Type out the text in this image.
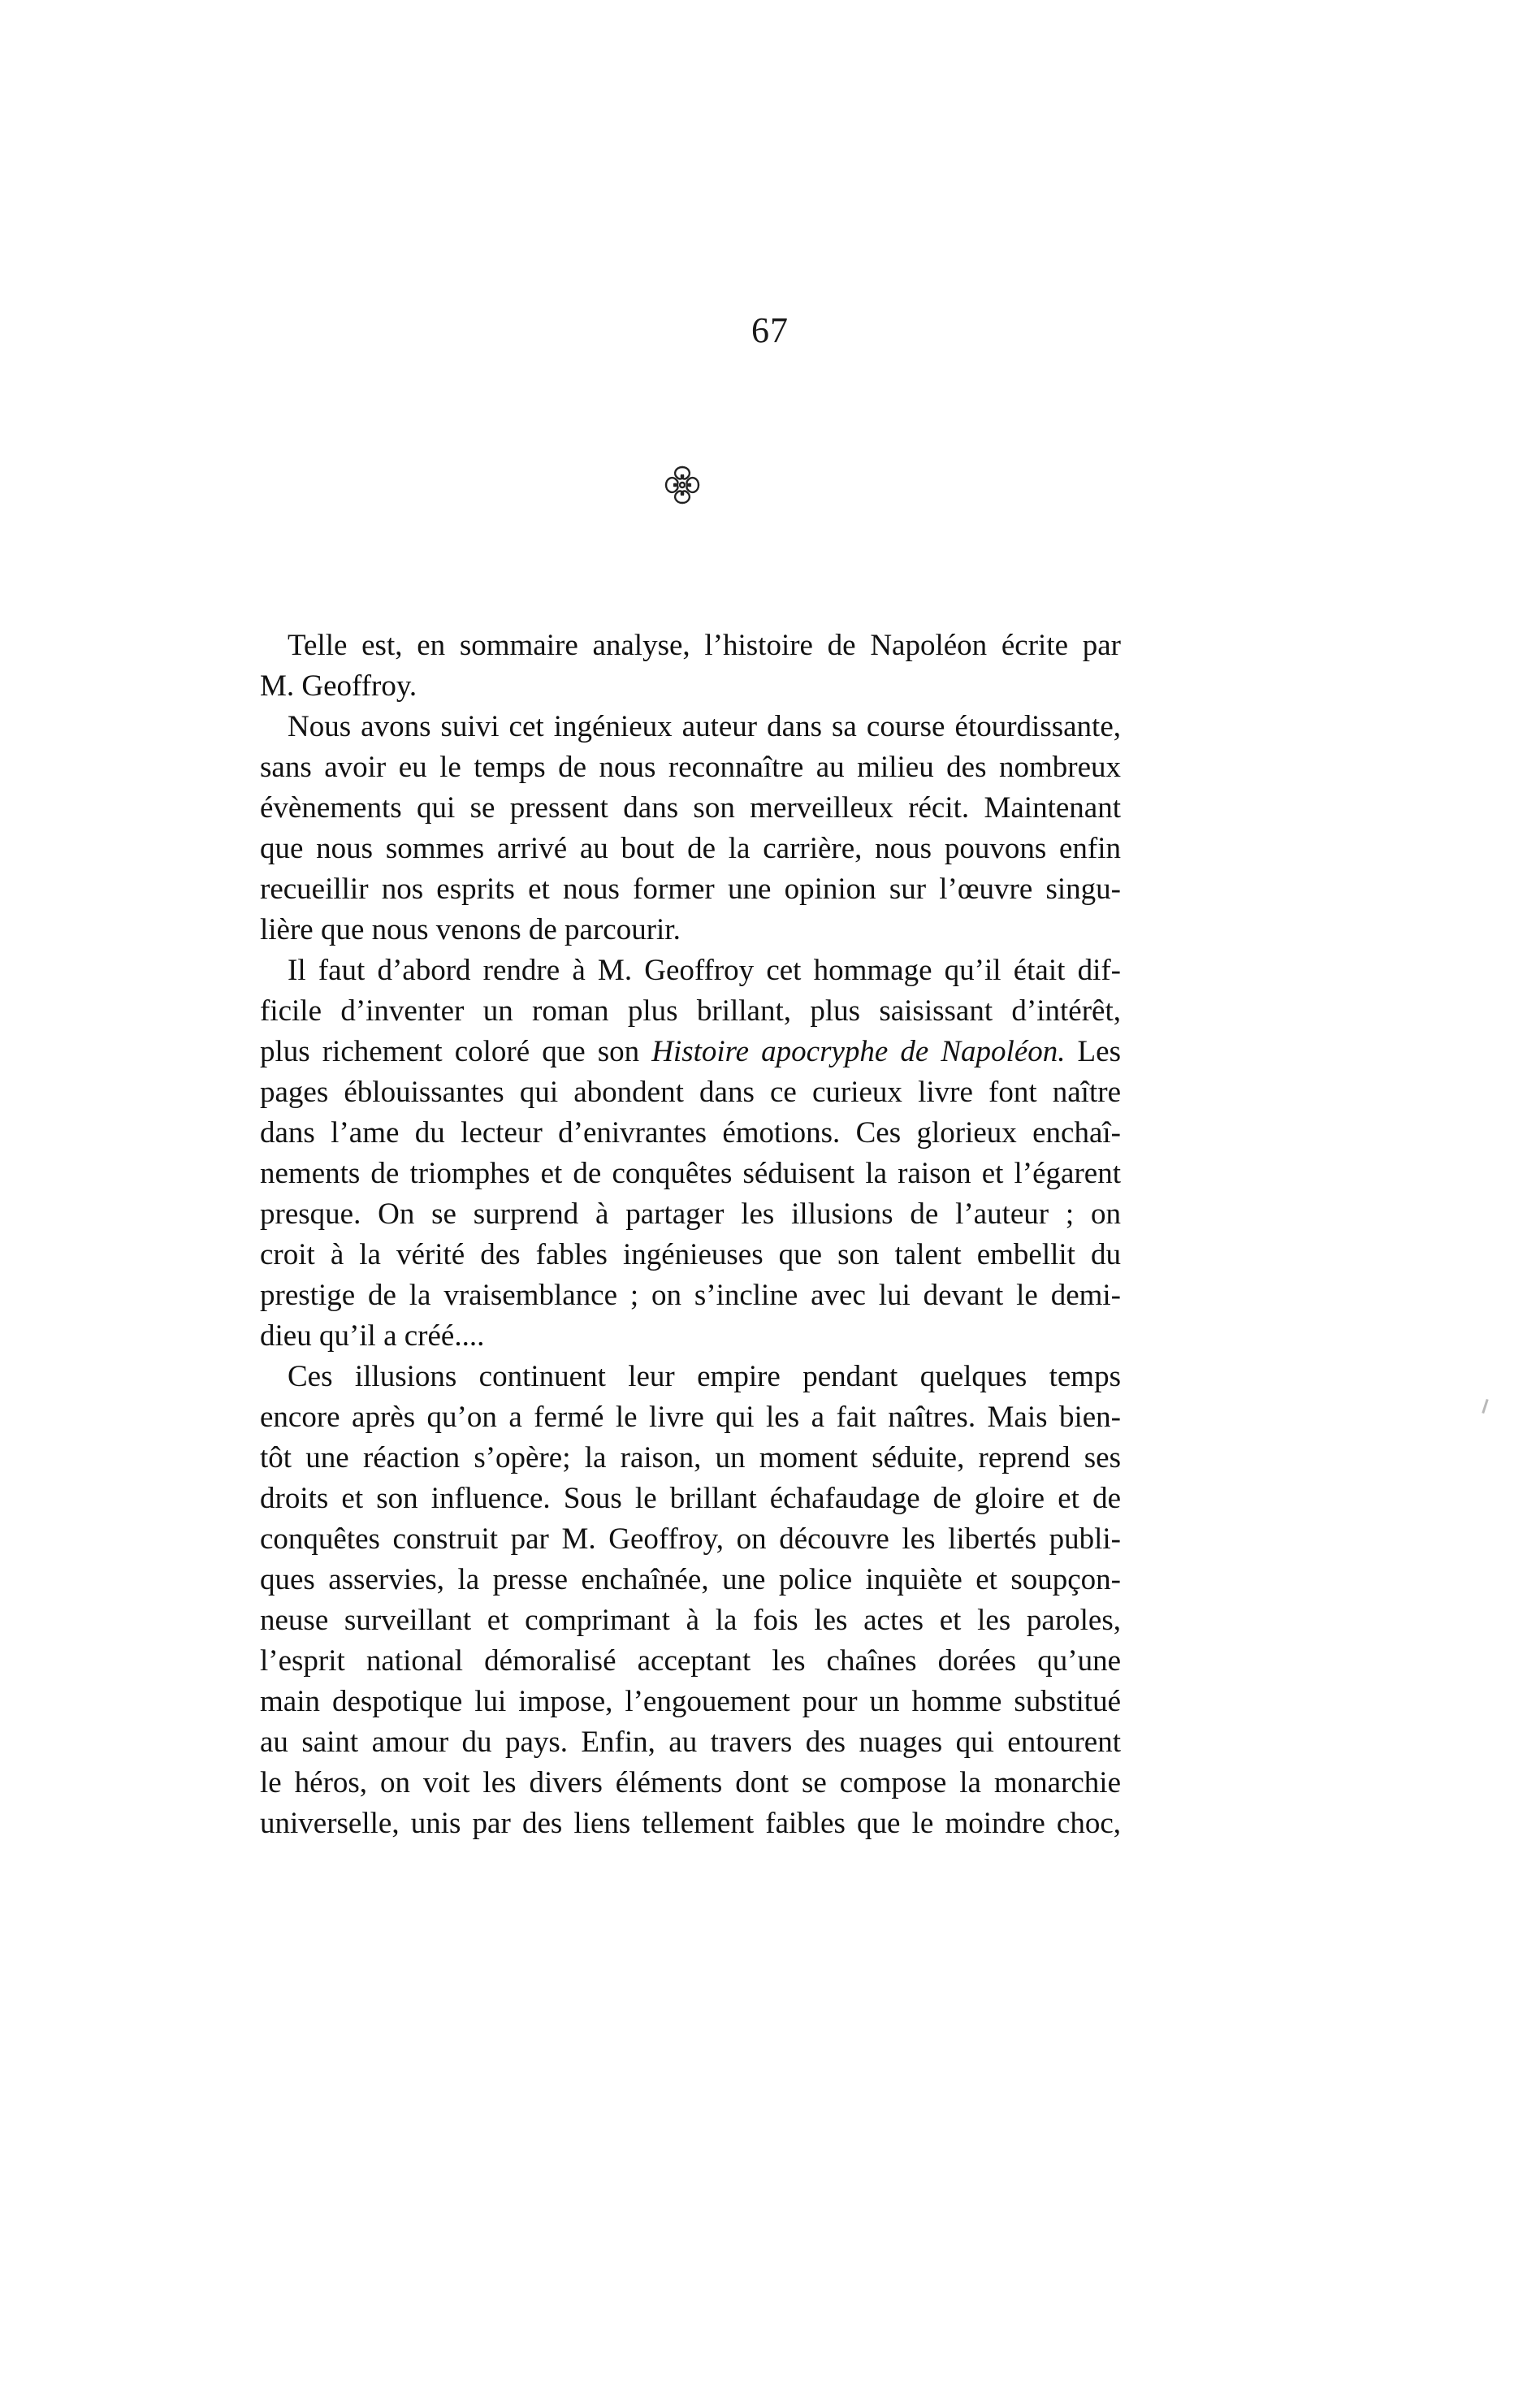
67
Telle est, en sommaire analyse, l’histoire de Napoléon écrite par
M. Geoffroy.
Nous avons suivi cet ingénieux auteur dans sa course étourdissante,
sans avoir eu le temps de nous reconnaître au milieu des nombreux
évènements qui se pressent dans son merveilleux récit. Maintenant
que nous sommes arrivé au bout de la carrière, nous pouvons enfin
recueillir nos esprits et nous former une opinion sur l’œuvre singu-
lière que nous venons de parcourir.
Il faut d’abord rendre à M. Geoffroy cet hommage qu’il était dif-
ficile d’inventer un roman plus brillant, plus saisissant d’intérêt,
plus richement coloré que son Histoire apocryphe de Napoléon. Les
pages éblouissantes qui abondent dans ce curieux livre font naître
dans l’ame du lecteur d’enivrantes émotions. Ces glorieux enchaî-
nements de triomphes et de conquêtes séduisent la raison et l’égarent
presque. On se surprend à partager les illusions de l’auteur ; on
croit à la vérité des fables ingénieuses que son talent embellit du
prestige de la vraisemblance ; on s’incline avec lui devant le demi-
dieu qu’il a créé....
Ces illusions continuent leur empire pendant quelques temps
encore après qu’on a fermé le livre qui les a fait naîtres. Mais bien-
tôt une réaction s’opère; la raison, un moment séduite, reprend ses
droits et son influence. Sous le brillant échafaudage de gloire et de
conquêtes construit par M. Geoffroy, on découvre les libertés publi-
ques asservies, la presse enchaînée, une police inquiète et soupçon-
neuse surveillant et comprimant à la fois les actes et les paroles,
l’esprit national démoralisé acceptant les chaînes dorées qu’une
main despotique lui impose, l’engouement pour un homme substitué
au saint amour du pays. Enfin, au travers des nuages qui entourent
le héros, on voit les divers éléments dont se compose la monarchie
universelle, unis par des liens tellement faibles que le moindre choc,
